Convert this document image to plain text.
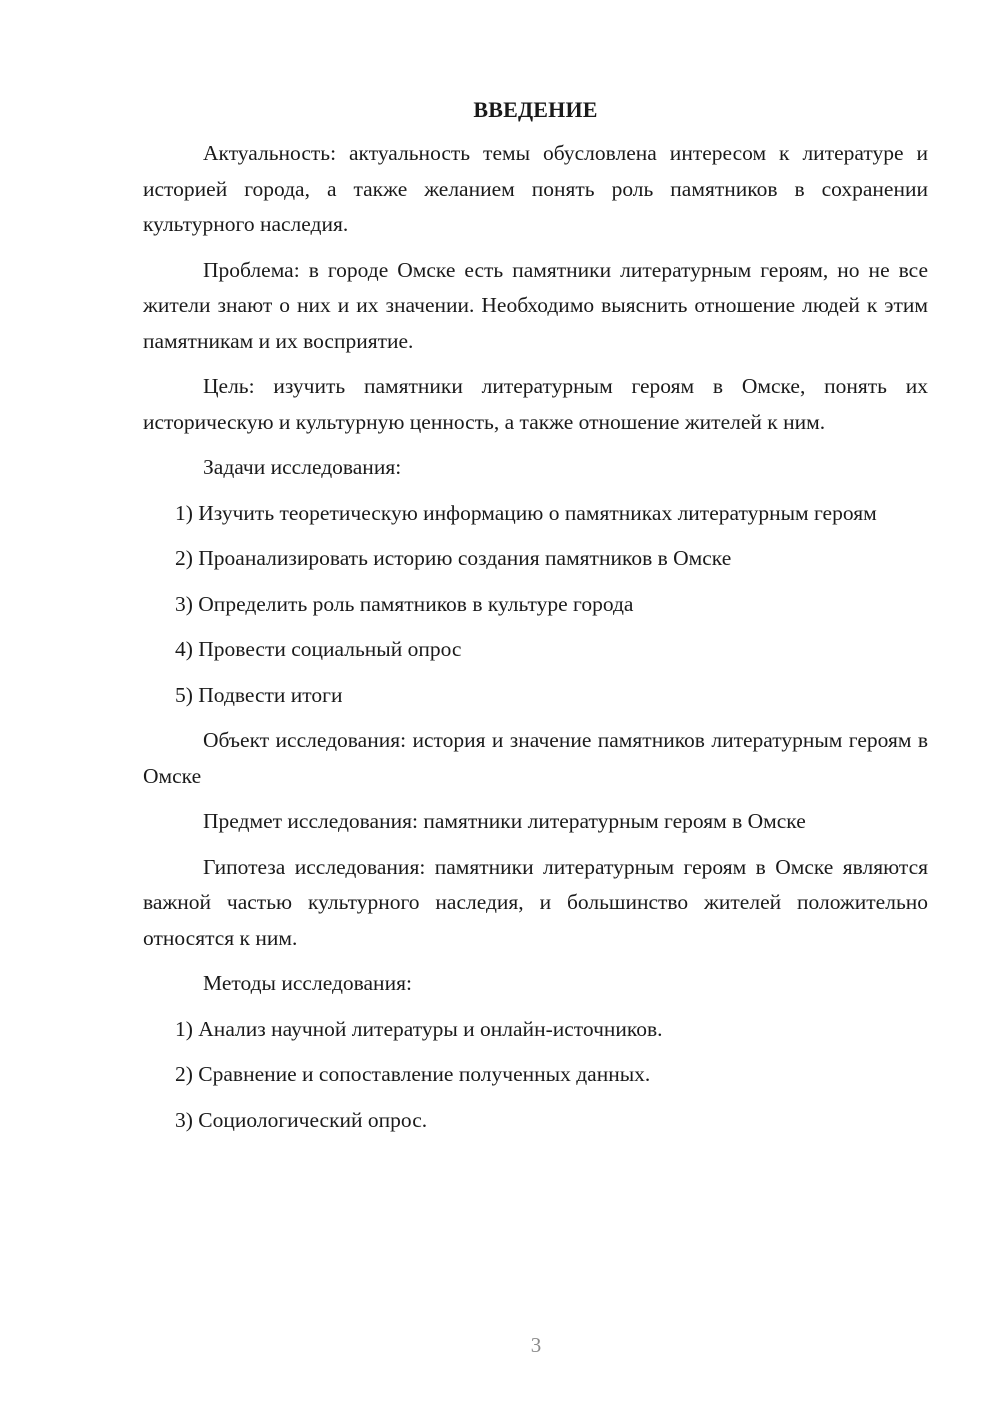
ВВЕДЕНИЕ

Актуальность: актуальность темы обусловлена интересом к литературе и историей города, а также желанием понять роль памятников в сохранении культурного наследия.

Проблема: в городе Омске есть памятники литературным героям, но не все жители знают о них и их значении. Необходимо выяснить отношение людей к этим памятникам и их восприятие.

Цель: изучить памятники литературным героям в Омске, понять их историческую и культурную ценность, а также отношение жителей к ним.

Задачи исследования:

1) Изучить теоретическую информацию о памятниках литературным героям

2) Проанализировать историю создания памятников в Омске

3) Определить роль памятников в культуре города

4) Провести социальный опрос

5) Подвести итоги

Объект исследования: история и значение памятников литературным героям в Омске

Предмет исследования: памятники литературным героям в Омске

Гипотеза исследования: памятники литературным героям в Омске являются важной частью культурного наследия, и большинство жителей положительно относятся к ним.

Методы исследования:

1) Анализ научной литературы и онлайн-источников.

2) Сравнение и сопоставление полученных данных.

3) Социологический опрос.

3
